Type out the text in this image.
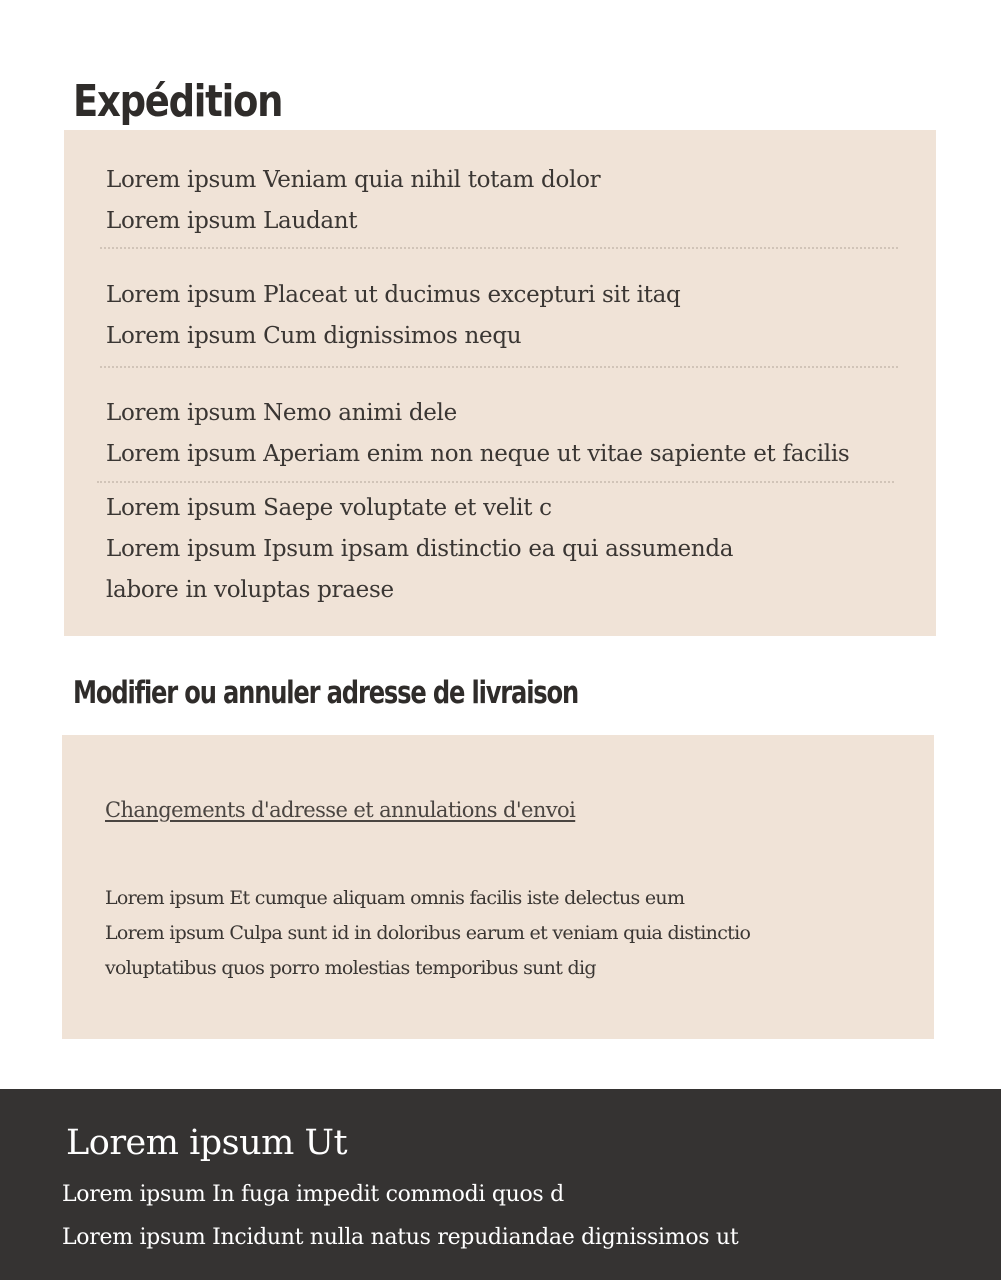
Expédition
Lorem ipsum Veniam quia nihil totam dolor
Lorem ipsum Laudant
Lorem ipsum Placeat ut ducimus excepturi sit itaq
Lorem ipsum Cum dignissimos nequ
Lorem ipsum Nemo animi dele
Lorem ipsum Aperiam enim non neque ut vitae sapiente et facilis
Lorem ipsum Saepe voluptate et velit c
Lorem ipsum Ipsum ipsam distinctio ea qui assumenda
labore in voluptas praese
Modifier ou annuler adresse de livraison
Changements d'adresse et annulations d'envoi
Lorem ipsum Et cumque aliquam omnis facilis iste delectus eum
Lorem ipsum Culpa sunt id in doloribus earum et veniam quia distinctio
voluptatibus quos porro molestias temporibus sunt dig
Lorem ipsum Ut
Lorem ipsum In fuga impedit commodi quos d
Lorem ipsum Incidunt nulla natus repudiandae dignissimos ut
